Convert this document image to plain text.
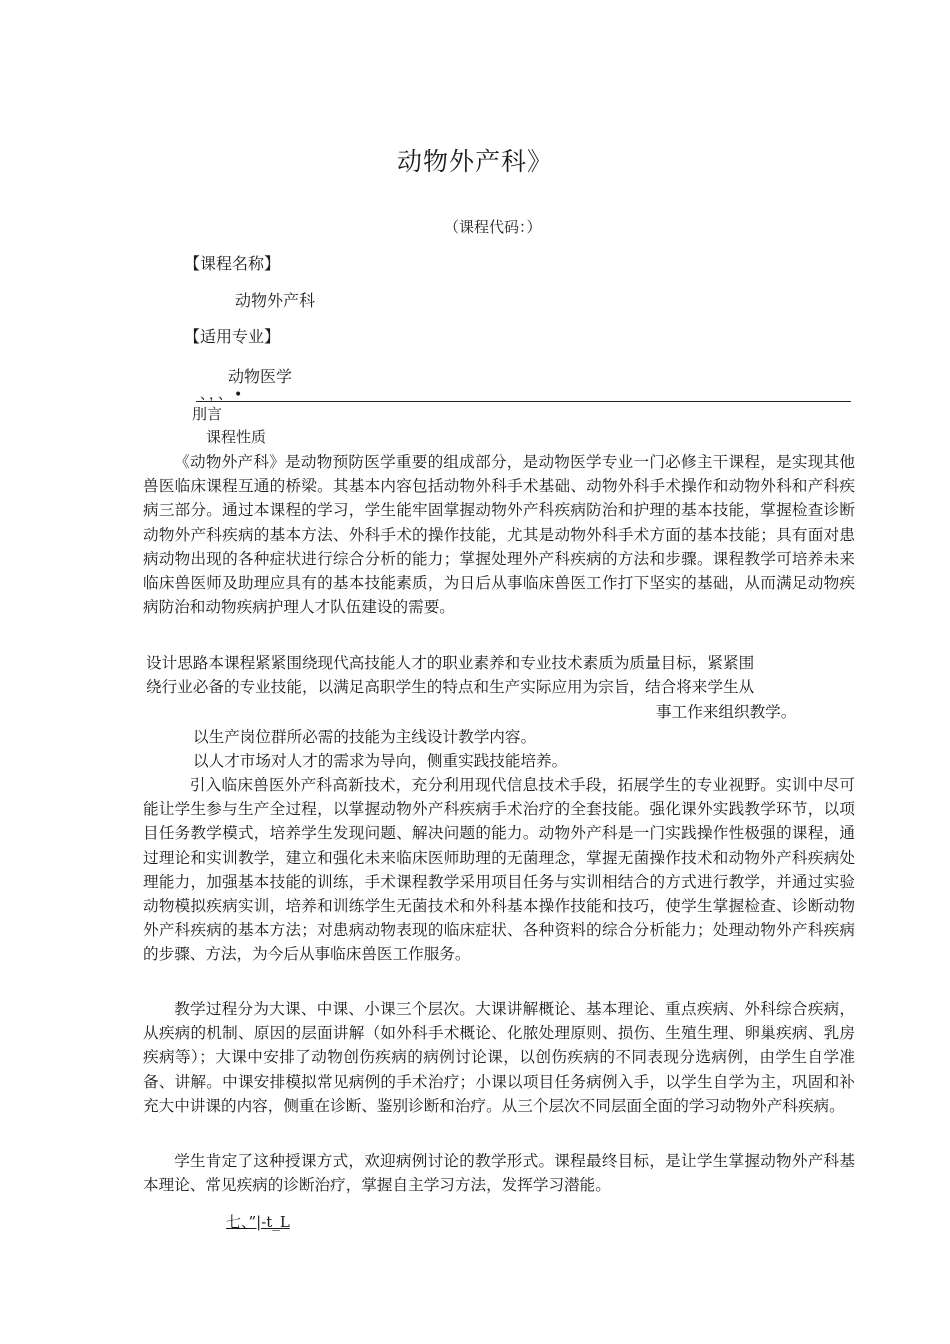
动物外产科》
（课程代码：）
【课程名称】
动物外产科
【适用专业】
动物医学
、，、•
刖言
课程性质

《动物外产科》是动物预防医学重要的组成部分，是动物医学专业一门必修主干课程，是实现其他兽医临床课程互通的桥梁。其基本内容包括动物外科手术基础、动物外科手术操作和动物外科和产科疾病三部分。通过本课程的学习，学生能牢固掌握动物外产科疾病防治和护理的基本技能，掌握检查诊断动物外产科疾病的基本方法、外科手术的操作技能，尤其是动物外科手术方面的基本技能；具有面对患病动物出现的各种症状进行综合分析的能力；掌握处理外产科疾病的方法和步骤。课程教学可培养未来临床兽医师及助理应具有的基本技能素质，为日后从事临床兽医工作打下坚实的基础，从而满足动物疾病防治和动物疾病护理人才队伍建设的需要。

设计思路本课程紧紧围绕现代高技能人才的职业素养和专业技术素质为质量目标，紧紧围
绕行业必备的专业技能，以满足高职学生的特点和生产实际应用为宗旨，结合将来学生从
事工作来组织教学。
以生产岗位群所必需的技能为主线设计教学内容。
以人才市场对人才的需求为导向，侧重实践技能培养。

引入临床兽医外产科高新技术，充分利用现代信息技术手段，拓展学生的专业视野。实训中尽可能让学生参与生产全过程，以掌握动物外产科疾病手术治疗的全套技能。强化课外实践教学环节，以项目任务教学模式，培养学生发现问题、解决问题的能力。动物外产科是一门实践操作性极强的课程，通过理论和实训教学，建立和强化未来临床医师助理的无菌理念，掌握无菌操作技术和动物外产科疾病处理能力，加强基本技能的训练，手术课程教学采用项目任务与实训相结合的方式进行教学，并通过实验动物模拟疾病实训，培养和训练学生无菌技术和外科基本操作技能和技巧，使学生掌握检查、诊断动物外产科疾病的基本方法；对患病动物表现的临床症状、各种资料的综合分析能力；处理动物外产科疾病的步骤、方法，为今后从事临床兽医工作服务。

教学过程分为大课、中课、小课三个层次。大课讲解概论、基本理论、重点疾病、外科综合疾病，从疾病的机制、原因的层面讲解（如外科手术概论、化脓处理原则、损伤、生殖生理、卵巢疾病、乳房疾病等）；大课中安排了动物创伤疾病的病例讨论课，以创伤疾病的不同表现分选病例，由学生自学准备、讲解。中课安排模拟常见病例的手术治疗；小课以项目任务病例入手，以学生自学为主，巩固和补充大中讲课的内容，侧重在诊断、鉴别诊断和治疗。从三个层次不同层面全面的学习动物外产科疾病。

学生肯定了这种授课方式，欢迎病例讨论的教学形式。课程最终目标，是让学生掌握动物外产科基本理论、常见疾病的诊断治疗，掌握自主学习方法，发挥学习潜能。

七、”|-t_L
